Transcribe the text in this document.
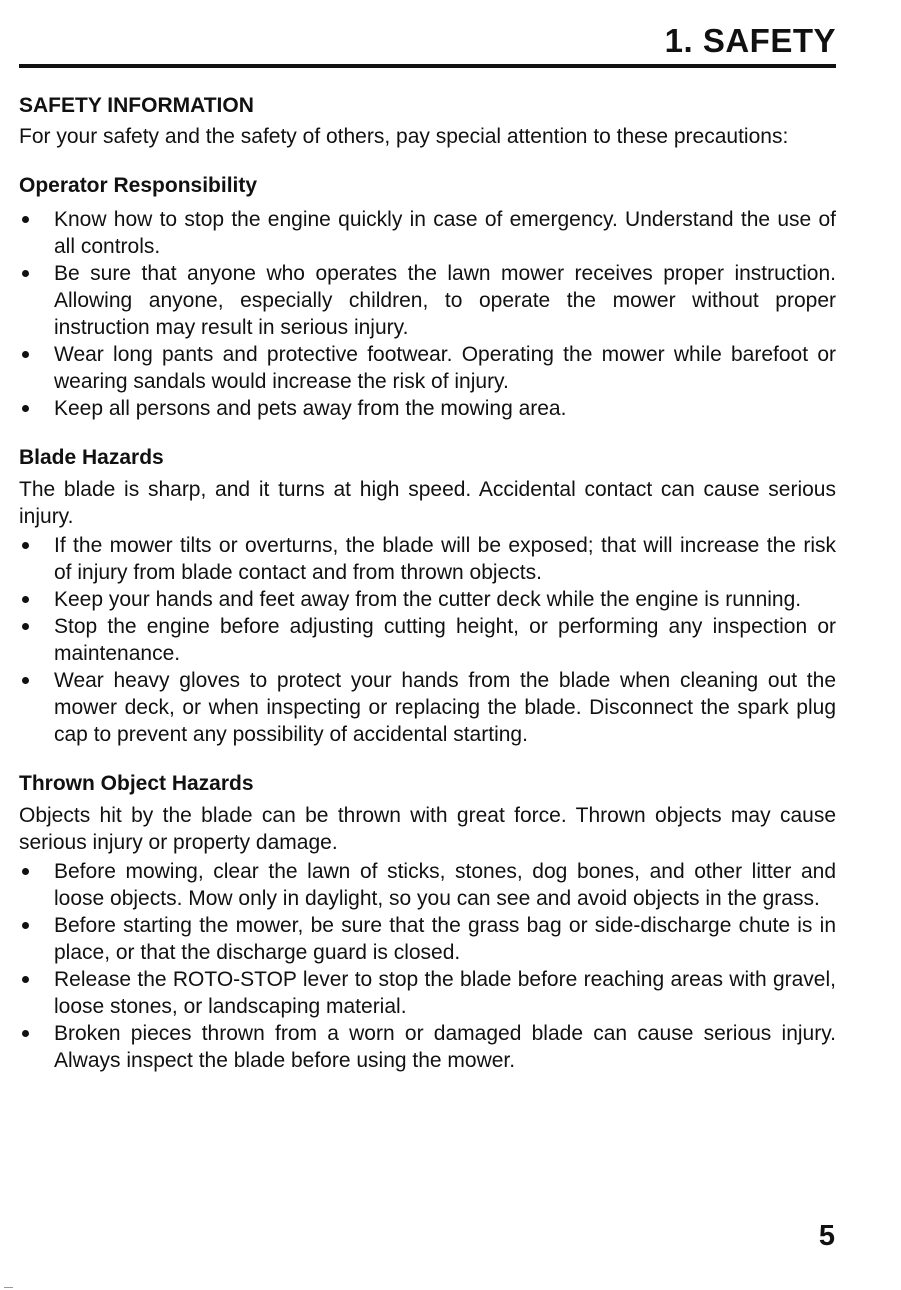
1. SAFETY
SAFETY INFORMATION

For your safety and the safety of others, pay special attention to these precautions:

Operator Responsibility
Know how to stop the engine quickly in case of emergency. Understand the use of all controls.
Be sure that anyone who operates the lawn mower receives proper instruction. Allowing anyone, especially children, to operate the mower without proper instruction may result in serious injury.
Wear long pants and protective footwear. Operating the mower while barefoot or wearing sandals would increase the risk of injury.
Keep all persons and pets away from the mowing area.
Blade Hazards

The blade is sharp, and it turns at high speed. Accidental contact can cause serious injury.

If the mower tilts or overturns, the blade will be exposed; that will increase the risk of injury from blade contact and from thrown objects.
Keep your hands and feet away from the cutter deck while the engine is running.
Stop the engine before adjusting cutting height, or performing any inspection or maintenance.
Wear heavy gloves to protect your hands from the blade when cleaning out the mower deck, or when inspecting or replacing the blade. Disconnect the spark plug cap to prevent any possibility of accidental starting.
Thrown Object Hazards

Objects hit by the blade can be thrown with great force. Thrown objects may cause serious injury or property damage.

Before mowing, clear the lawn of sticks, stones, dog bones, and other litter and loose objects. Mow only in daylight, so you can see and avoid objects in the grass.
Before starting the mower, be sure that the grass bag or side-discharge chute is in place, or that the discharge guard is closed.
Release the ROTO-STOP lever to stop the blade before reaching areas with gravel, loose stones, or landscaping material.
Broken pieces thrown from a worn or damaged blade can cause serious injury. Always inspect the blade before using the mower.

5
